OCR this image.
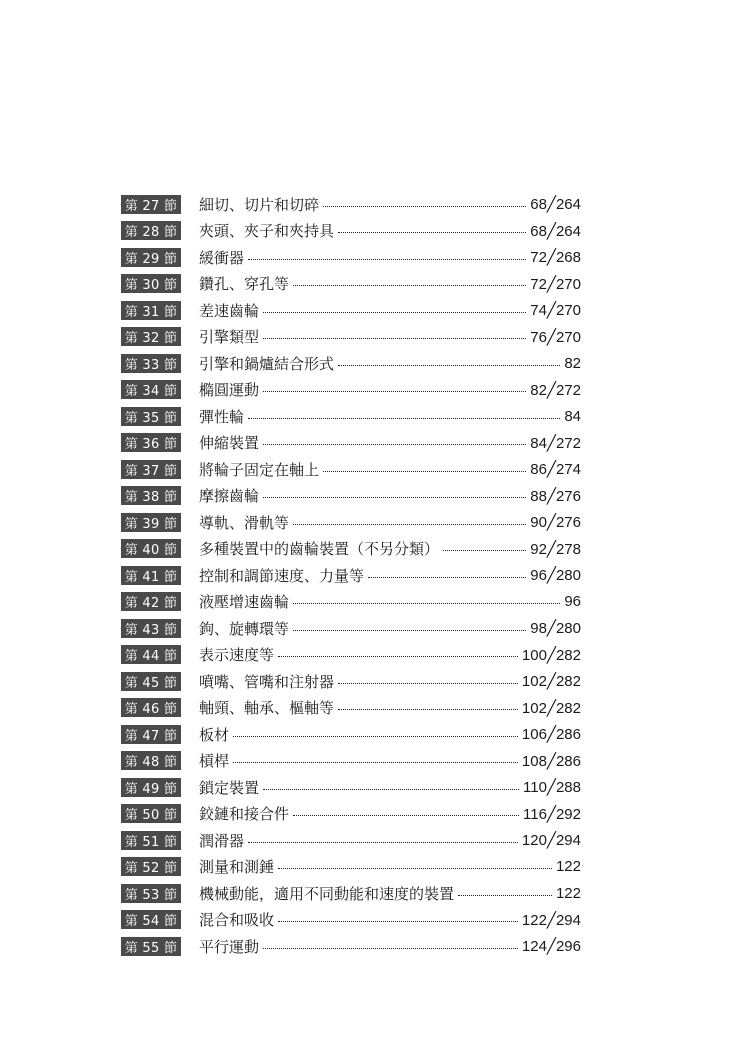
第 27 節 細切、切片和切碎	68╱264
第 28 節 夾頭、夾子和夾持具	68╱264
第 29 節 緩衝器	72╱268
第 30 節 鑽孔、穿孔等	72╱270
第 31 節 差速齒輪	74╱270
第 32 節 引擎類型	76╱270
第 33 節 引擎和鍋爐結合形式	82
第 34 節 橢圓運動	82╱272
第 35 節 彈性輪	84
第 36 節 伸縮裝置	84╱272
第 37 節 將輪子固定在軸上	86╱274
第 38 節 摩擦齒輪	88╱276
第 39 節 導軌、滑軌等	90╱276
第 40 節 多種裝置中的齒輪裝置（不另分類）	92╱278
第 41 節 控制和調節速度、力量等	96╱280
第 42 節 液壓增速齒輪	96
第 43 節 鉤、旋轉環等	98╱280
第 44 節 表示速度等	100╱282
第 45 節 噴嘴、管嘴和注射器	102╱282
第 46 節 軸頸、軸承、樞軸等	102╱282
第 47 節 板材	106╱286
第 48 節 槓桿	108╱286
第 49 節 鎖定裝置	110╱288
第 50 節 鉸鏈和接合件	116╱292
第 51 節 潤滑器	120╱294
第 52 節 測量和測錘	122
第 53 節 機械動能，適用不同動能和速度的裝置	122
第 54 節 混合和吸收	122╱294
第 55 節 平行運動	124╱296
